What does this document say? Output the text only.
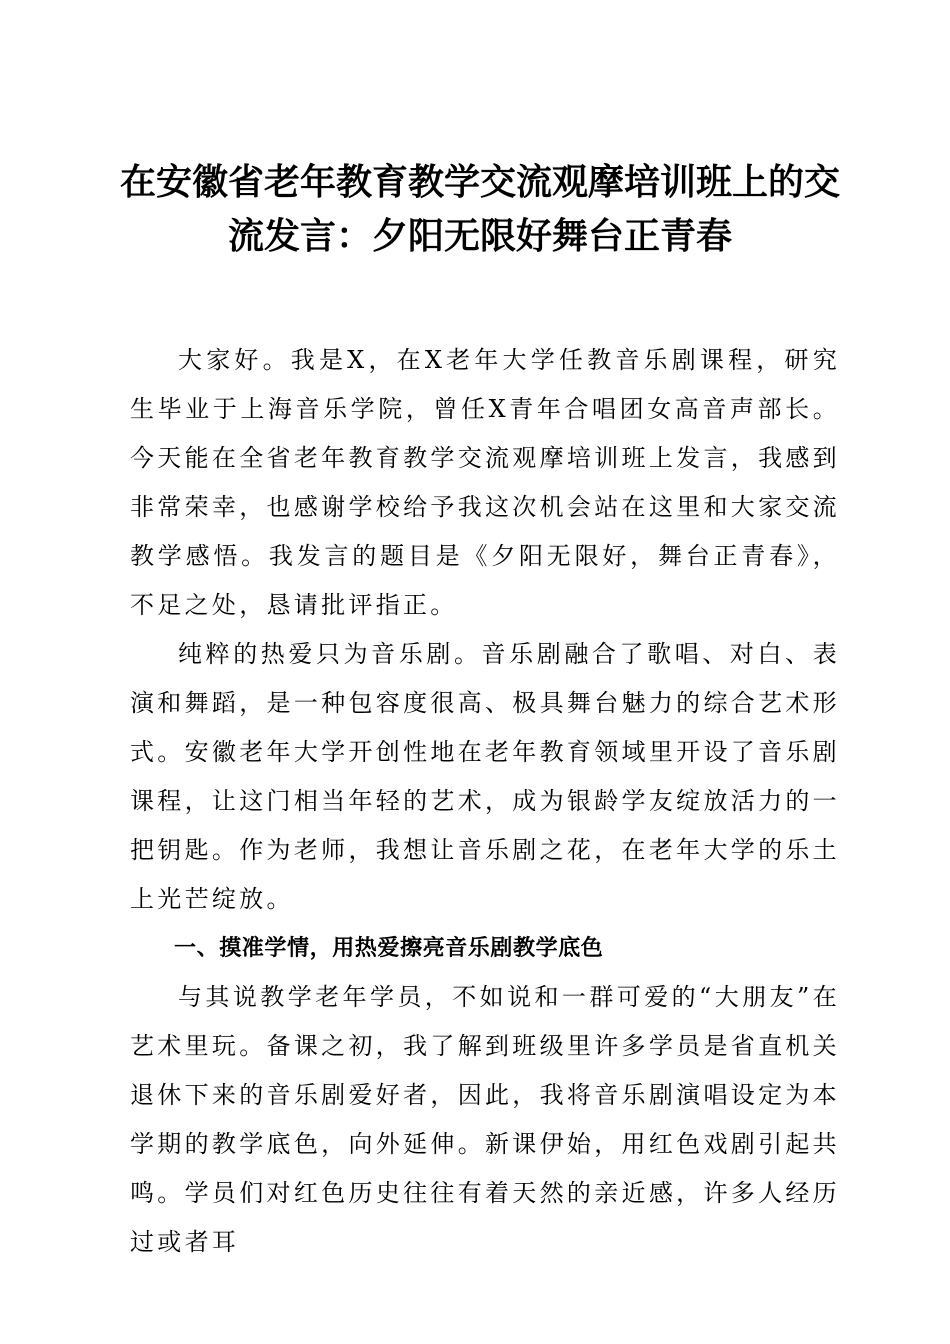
在安徽省老年教育教学交流观摩培训班上的交
流发言：夕阳无限好舞台正青春

大家好。我是X，在X老年大学任教音乐剧课程，研究生毕业于上海音乐学院，曾任X青年合唱团女高音声部长。今天能在全省老年教育教学交流观摩培训班上发言，我感到非常荣幸，也感谢学校给予我这次机会站在这里和大家交流教学感悟。我发言的题目是《夕阳无限好，舞台正青春》，不足之处，恳请批评指正。

纯粹的热爱只为音乐剧。音乐剧融合了歌唱、对白、表演和舞蹈，是一种包容度很高、极具舞台魅力的综合艺术形式。安徽老年大学开创性地在老年教育领域里开设了音乐剧课程，让这门相当年轻的艺术，成为银龄学友绽放活力的一把钥匙。作为老师，我想让音乐剧之花，在老年大学的乐土上光芒绽放。

一、摸准学情，用热爱擦亮音乐剧教学底色

与其说教学老年学员，不如说和一群可爱的“大朋友”在艺术里玩。备课之初，我了解到班级里许多学员是省直机关退休下来的音乐剧爱好者，因此，我将音乐剧演唱设定为本学期的教学底色，向外延伸。新课伊始，用红色戏剧引起共鸣。学员们对红色历史往往有着天然的亲近感，许多人经历过或者耳
